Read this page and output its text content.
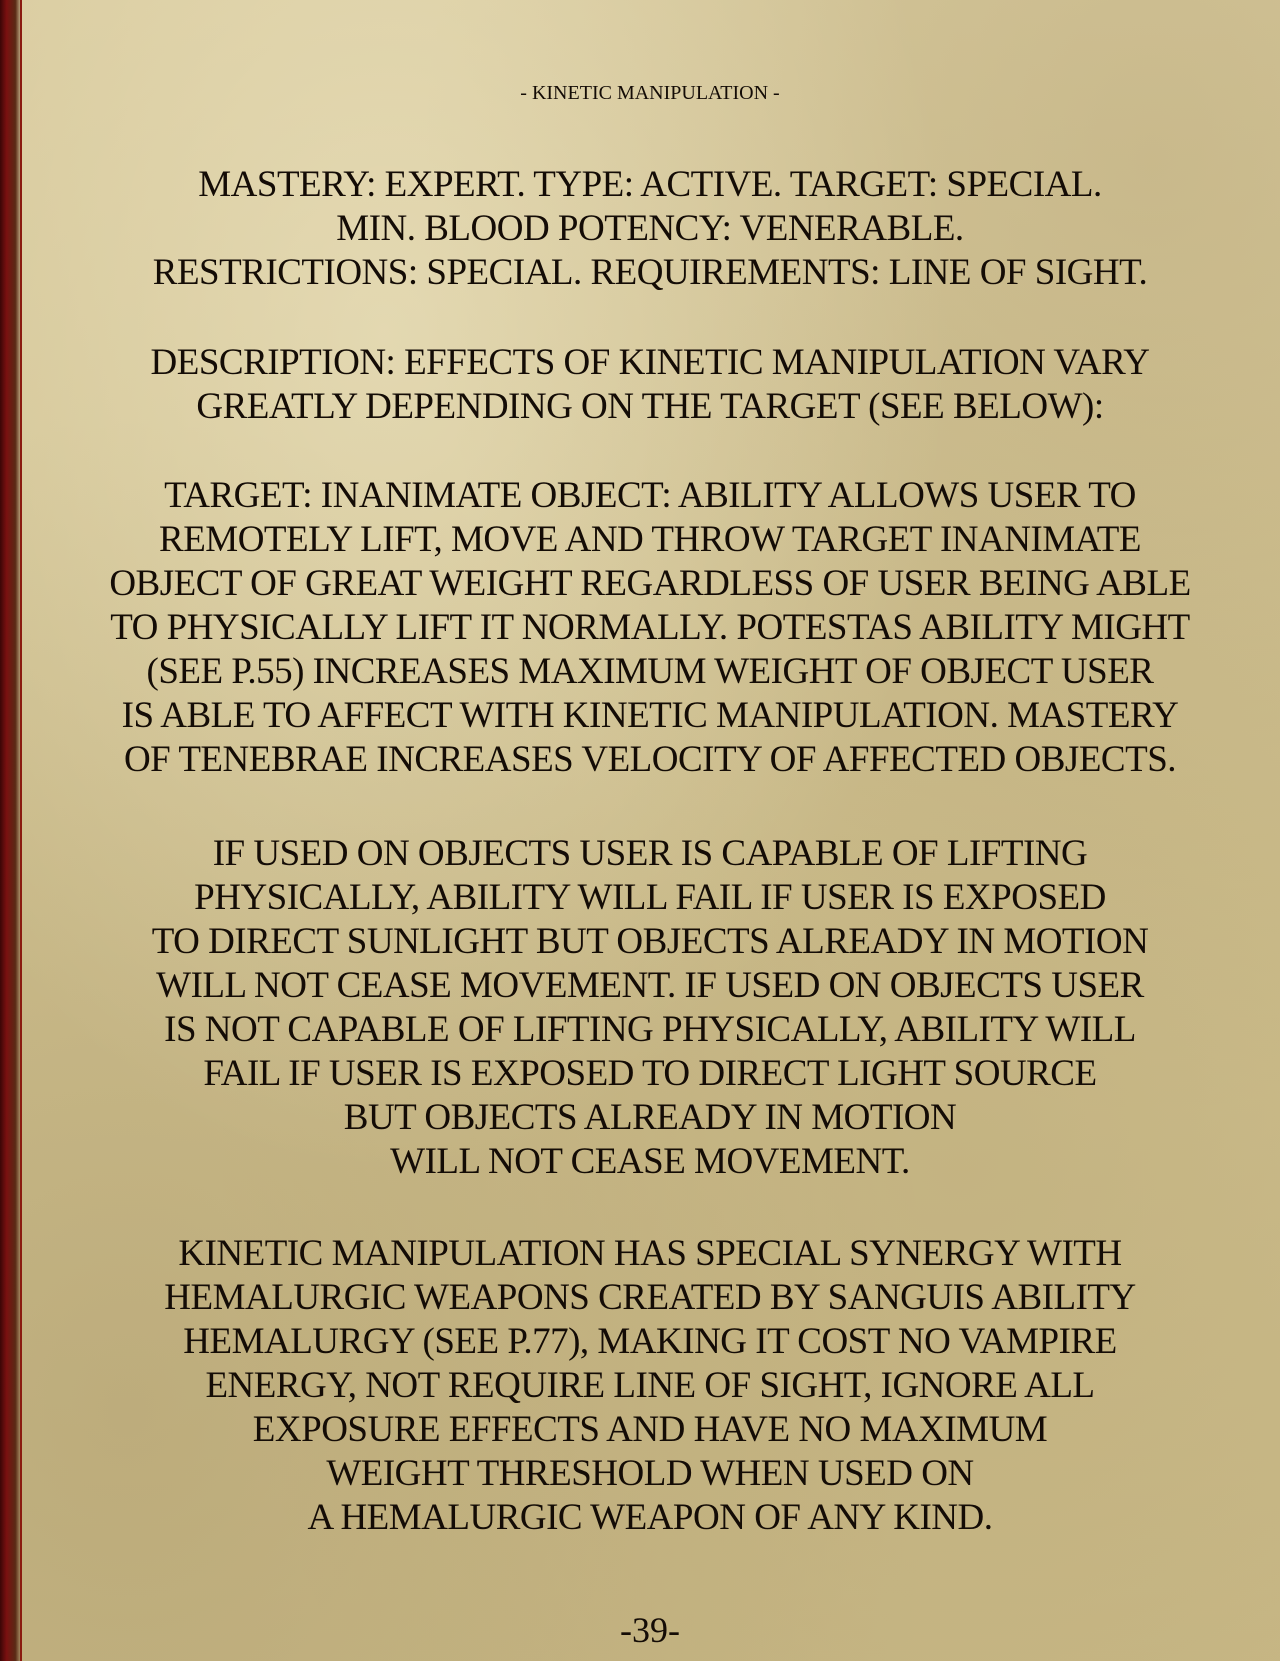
- KINETIC MANIPULATION -
MASTERY: EXPERT. TYPE: ACTIVE. TARGET: SPECIAL.
MIN. BLOOD POTENCY: VENERABLE.
RESTRICTIONS: SPECIAL. REQUIREMENTS: LINE OF SIGHT.
DESCRIPTION: EFFECTS OF KINETIC MANIPULATION VARY
GREATLY DEPENDING ON THE TARGET (SEE BELOW):
TARGET: INANIMATE OBJECT: ABILITY ALLOWS USER TO
REMOTELY LIFT, MOVE AND THROW TARGET INANIMATE
OBJECT OF GREAT WEIGHT REGARDLESS OF USER BEING ABLE
TO PHYSICALLY LIFT IT NORMALLY. POTESTAS ABILITY MIGHT
(SEE P.55) INCREASES MAXIMUM WEIGHT OF OBJECT USER
IS ABLE TO AFFECT WITH KINETIC MANIPULATION. MASTERY
OF TENEBRAE INCREASES VELOCITY OF AFFECTED OBJECTS.
IF USED ON OBJECTS USER IS CAPABLE OF LIFTING
PHYSICALLY, ABILITY WILL FAIL IF USER IS EXPOSED
TO DIRECT SUNLIGHT BUT OBJECTS ALREADY IN MOTION
WILL NOT CEASE MOVEMENT. IF USED ON OBJECTS USER
IS NOT CAPABLE OF LIFTING PHYSICALLY, ABILITY WILL
FAIL IF USER IS EXPOSED TO DIRECT LIGHT SOURCE
BUT OBJECTS ALREADY IN MOTION
WILL NOT CEASE MOVEMENT.
KINETIC MANIPULATION HAS SPECIAL SYNERGY WITH
HEMALURGIC WEAPONS CREATED BY SANGUIS ABILITY
HEMALURGY (SEE P.77), MAKING IT COST NO VAMPIRE
ENERGY, NOT REQUIRE LINE OF SIGHT, IGNORE ALL
EXPOSURE EFFECTS AND HAVE NO MAXIMUM
WEIGHT THRESHOLD WHEN USED ON
A HEMALURGIC WEAPON OF ANY KIND.
-39-
